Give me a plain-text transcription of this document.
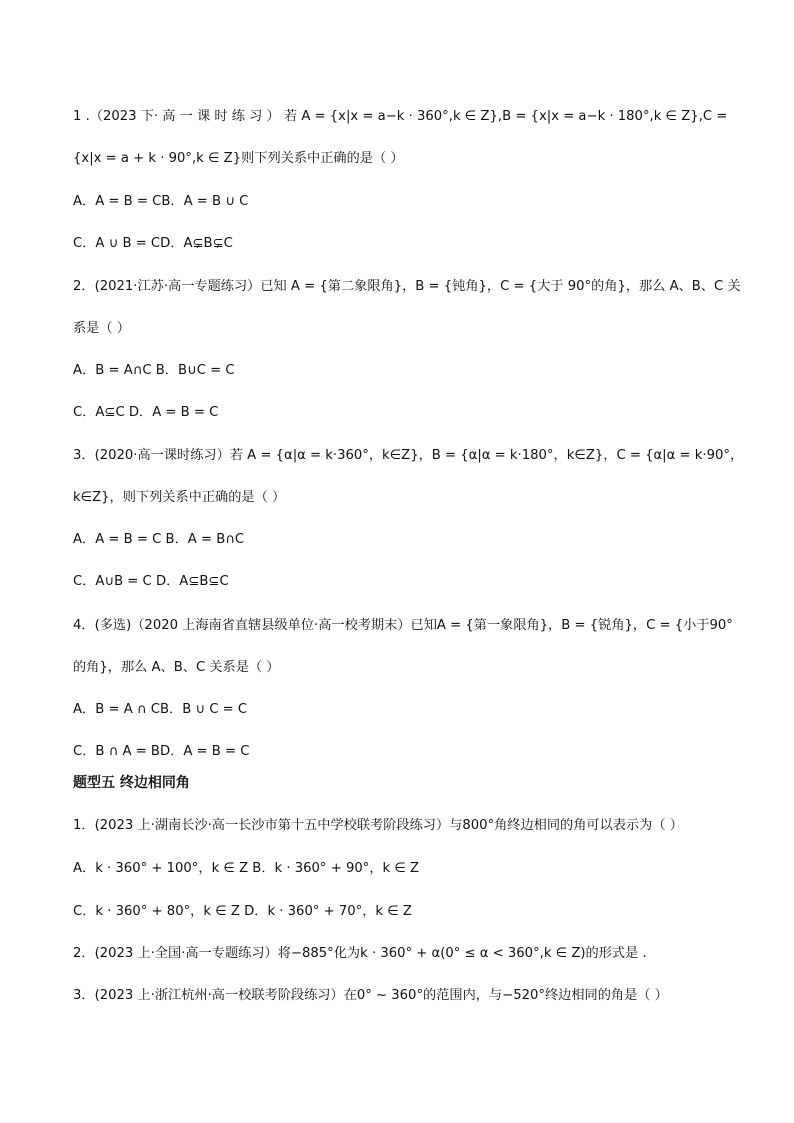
1 .（2023 下· 高 一 课 时 练 习 ） 若 A = {x|x = a−k · 360°,k ∈ Z},B = {x|x = a−k · 180°,k ∈ Z},C =
{x|x = a + k · 90°,k ∈ Z}则下列关系中正确的是（ ）
A．A = B = CB．A = B ∪ C
C．A ∪ B = CD．A⊊B⊊C
2．(2021·江苏·高一专题练习）已知 A = {第二象限角}，B = {钝角}，C = {大于 90°的角}，那么 A、B、C 关
系是（ ）
A．B = A∩C B．B∪C = C
C．A⊆C D．A = B = C
3．(2020·高一课时练习）若 A = {α|α = k·360°，k∈Z}，B = {α|α = k·180°，k∈Z}，C = {α|α = k·90°，
k∈Z}，则下列关系中正确的是（ ）
A．A = B = C B．A = B∩C
C．A∪B = C D．A⊆B⊆C
4．(多选)（2020 上海南省直辖县级单位·高一校考期末）已知A = {第一象限角}，B = {锐角}，C = {小于90°
的角}，那么 A、B、C 关系是（ ）
A．B = A ∩ CB．B ∪ C = C
C．B ∩ A = BD．A = B = C
题型五 终边相同角
1．(2023 上·湖南长沙·高一长沙市第十五中学校联考阶段练习）与800°角终边相同的角可以表示为（ ）
A．k · 360° + 100°，k ∈ Z B．k · 360° + 90°，k ∈ Z
C．k · 360° + 80°，k ∈ Z D．k · 360° + 70°，k ∈ Z
2．(2023 上·全国·高一专题练习）将−885°化为k · 360° + α(0° ≤ α < 360°,k ∈ Z)的形式是 .
3．(2023 上·浙江杭州·高一校联考阶段练习）在0° ~ 360°的范围内，与−520°终边相同的角是（ ）
